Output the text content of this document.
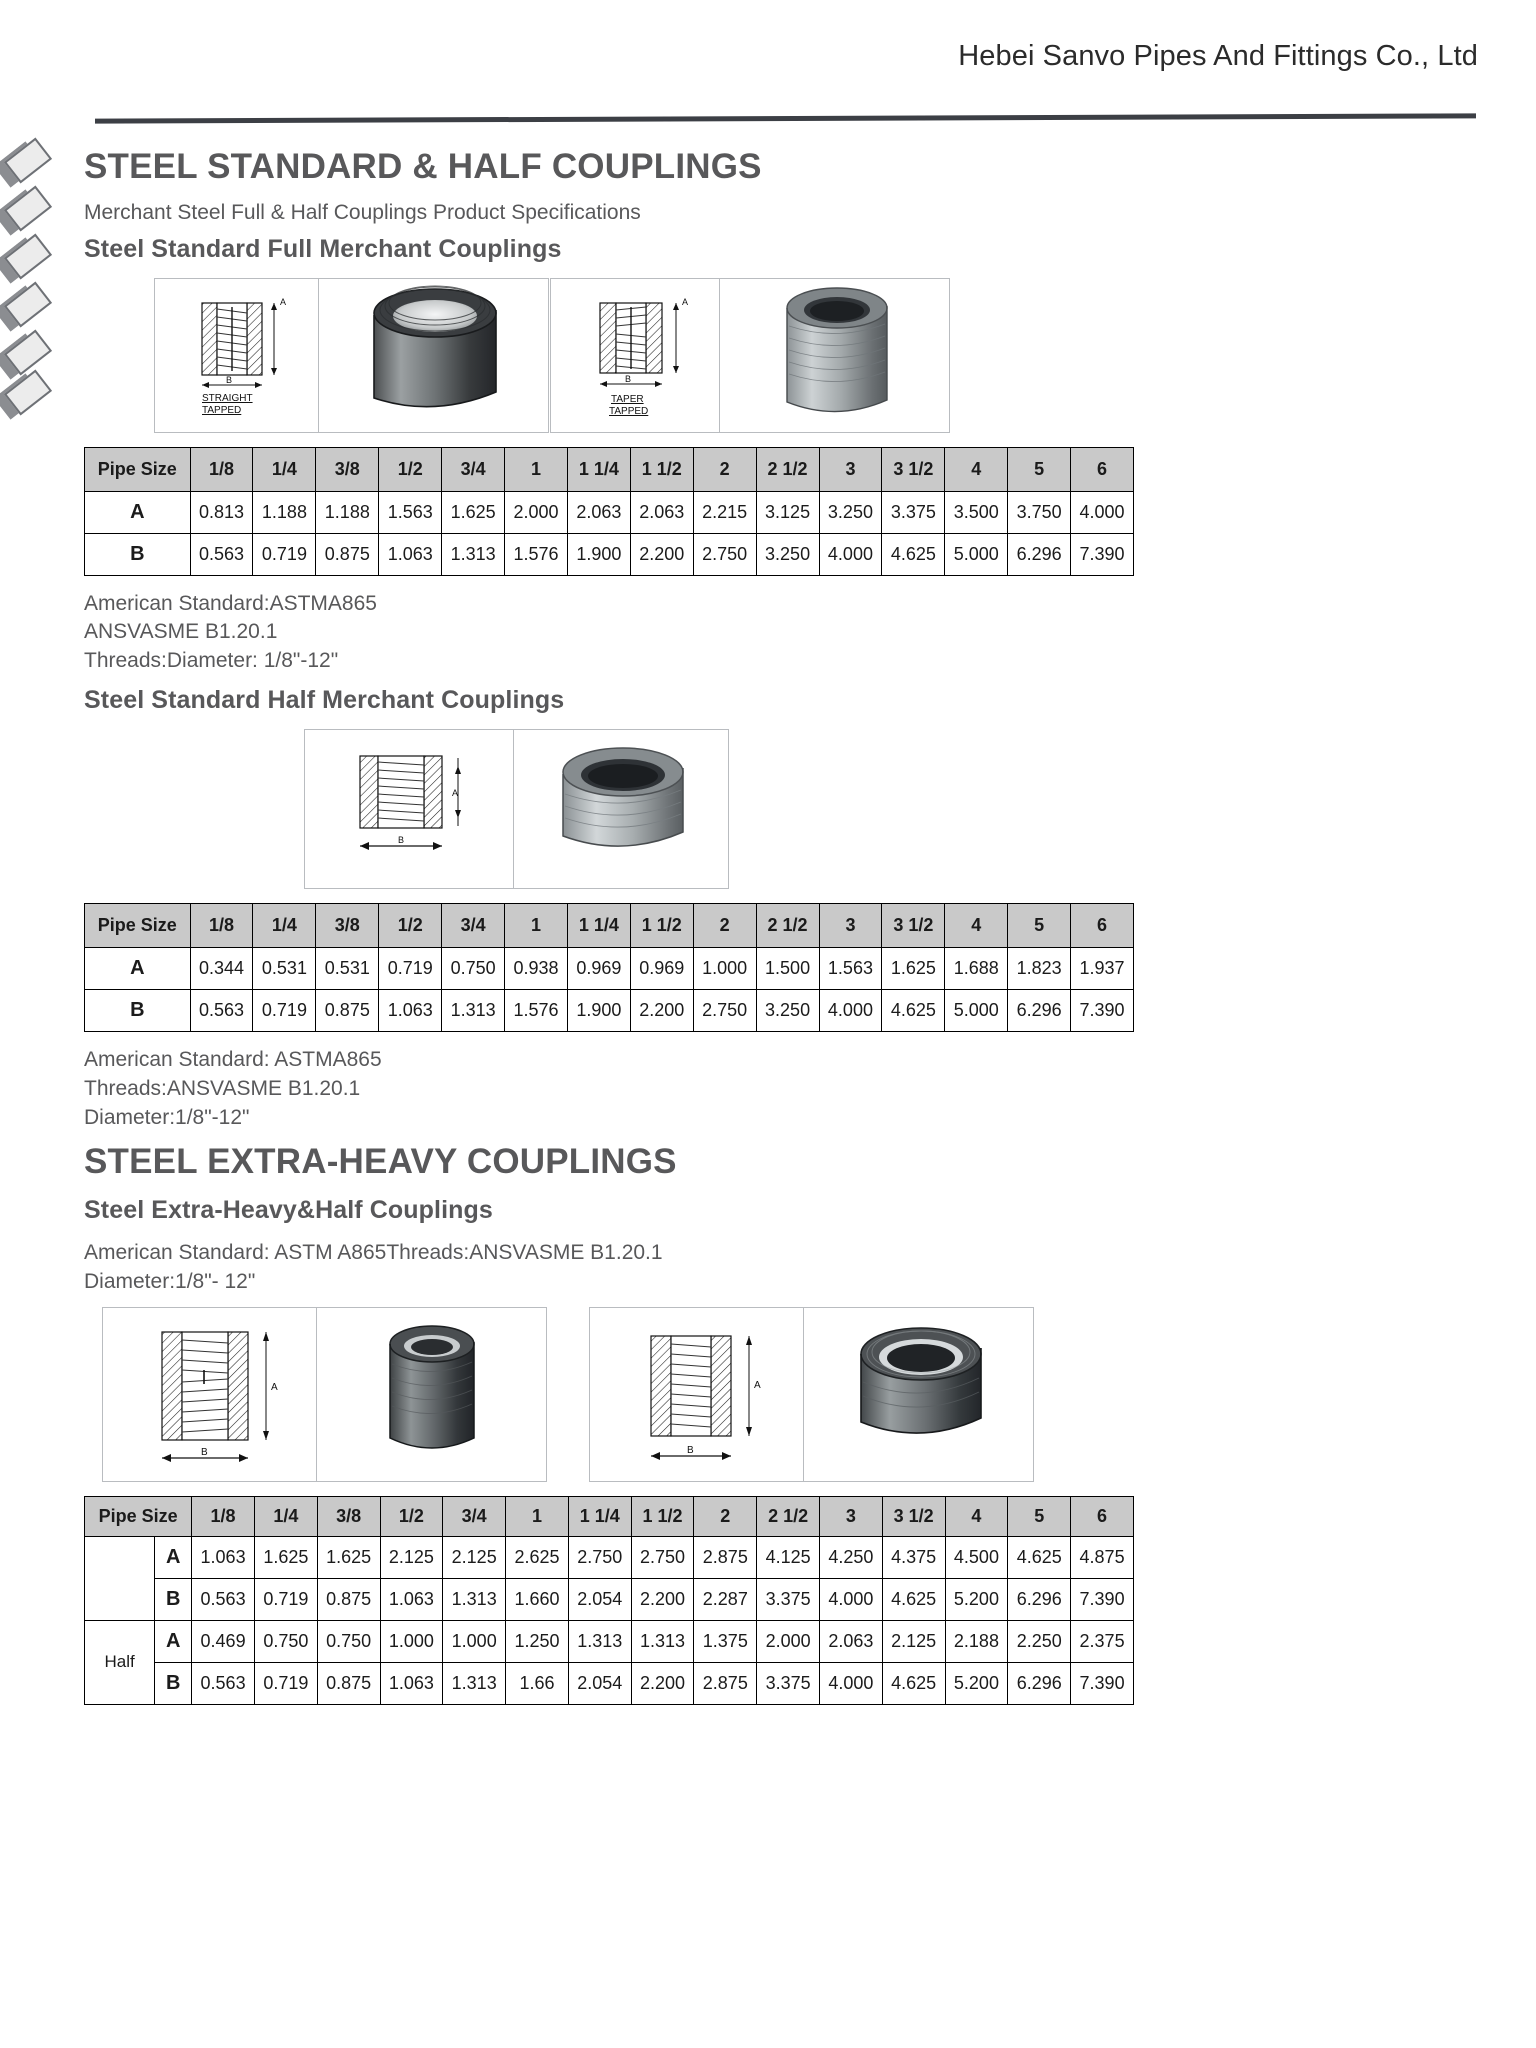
Hebei Sanvo Pipes And Fittings Co., Ltd
STEEL STANDARD & HALF COUPLINGS

Merchant Steel Full & Half Couplings Product Specifications

Steel Standard Full Merchant Couplings
A
B
STRAIGHT
TAPPED
A
B
TAPER
TAPPED
Pipe Size	1/8	1/4	3/8	1/2	3/4	1	1 1/4	1 1/2	2	2 1/2	3	3 1/2	4	5	6
A	0.813	1.188	1.188	1.563	1.625	2.000	2.063	2.063	2.215	3.125	3.250	3.375	3.500	3.750	4.000
B	0.563	0.719	0.875	1.063	1.313	1.576	1.900	2.200	2.750	3.250	4.000	4.625	5.000	6.296	7.390
American Standard:ASTMA865
ANSVASME B1.20.1
Threads:Diameter: 1/8"-12"
Steel Standard Half Merchant Couplings
A
B
Pipe Size	1/8	1/4	3/8	1/2	3/4	1	1 1/4	1 1/2	2	2 1/2	3	3 1/2	4	5	6
A	0.344	0.531	0.531	0.719	0.750	0.938	0.969	0.969	1.000	1.500	1.563	1.625	1.688	1.823	1.937
B	0.563	0.719	0.875	1.063	1.313	1.576	1.900	2.200	2.750	3.250	4.000	4.625	5.000	6.296	7.390
American Standard: ASTMA865
Threads:ANSVASME B1.20.1
Diameter:1/8"-12"
STEEL EXTRA-HEAVY COUPLINGS
Steel Extra-Heavy&Half Couplings
American Standard: ASTM A865Threads:ANSVASME B1.20.1
Diameter:1/8"- 12"
A
B
A
B
Pipe Size		1/8	1/4	3/8	1/2	3/4	1	1 1/4	1 1/2	2	2 1/2	3	3 1/2	4	5	6
	A	1.063	1.625	1.625	2.125	2.125	2.625	2.750	2.750	2.875	4.125	4.250	4.375	4.500	4.625	4.875
	B	0.563	0.719	0.875	1.063	1.313	1.660	2.054	2.200	2.287	3.375	4.000	4.625	5.200	6.296	7.390
Half	A	0.469	0.750	0.750	1.000	1.000	1.250	1.313	1.313	1.375	2.000	2.063	2.125	2.188	2.250	2.375
	B	0.563	0.719	0.875	1.063	1.313	1.66	2.054	2.200	2.875	3.375	4.000	4.625	5.200	6.296	7.390
